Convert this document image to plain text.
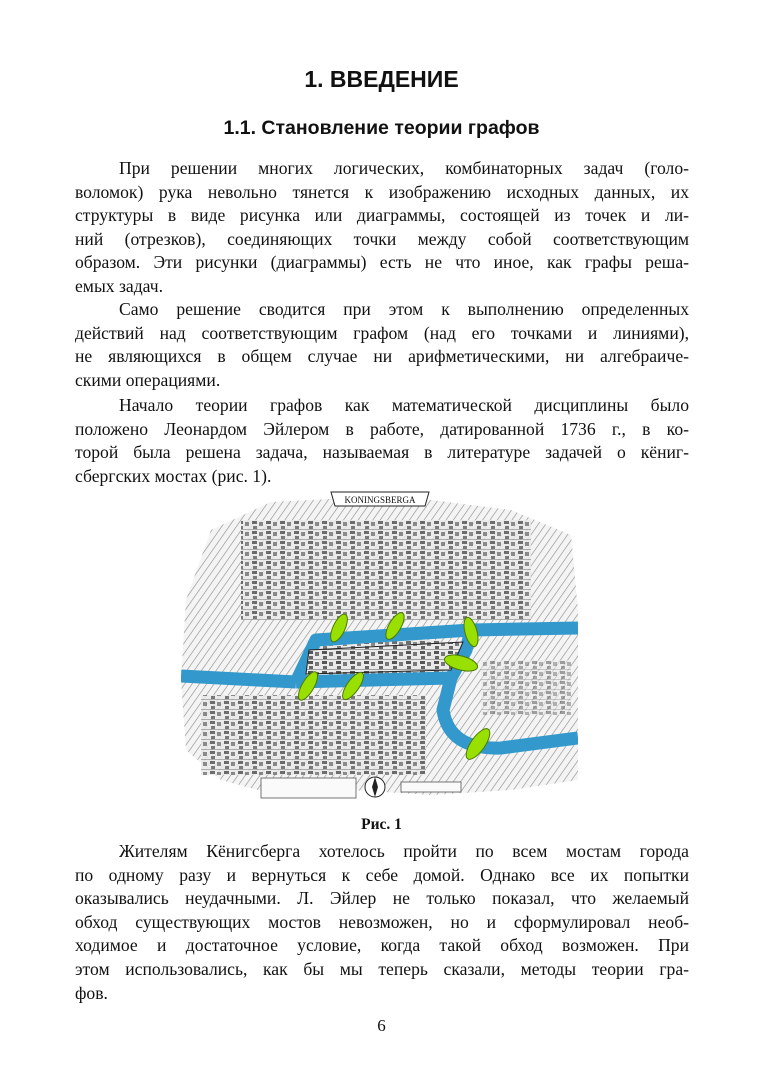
1. ВВЕДЕНИЕ
1.1. Становление теории графов

При решении многих логических, комбинаторных задач (голо-
воломок) рука невольно тянется к изображению исходных данных, их
структуры в виде рисунка или диаграммы, состоящей из точек и ли-
ний (отрезков), соединяющих точки между собой соответствующим
образом. Эти рисунки (диаграммы) есть не что иное, как графы реша-
емых задач.

Само решение сводится при этом к выполнению определенных
действий над соответствующим графом (над его точками и линиями),
не являющихся в общем случае ни арифметическими, ни алгебраиче-
скими операциями.

Начало теории графов как математической дисциплины было
положено Леонардом Эйлером в работе, датированной 1736 г., в ко-
торой была решена задача, называемая в литературе задачей о кёниг-
сбергских мостах (рис. 1).

KONINGSBERGA

Рис. 1

Жителям Кёнигсберга хотелось пройти по всем мостам города
по одному разу и вернуться к себе домой. Однако все их попытки
оказывались неудачными. Л. Эйлер не только показал, что желаемый
обход существующих мостов невозможен, но и сформулировал необ-
ходимое и достаточное условие, когда такой обход возможен. При
этом использовались, как бы мы теперь сказали, методы теории гра-
фов.

6
